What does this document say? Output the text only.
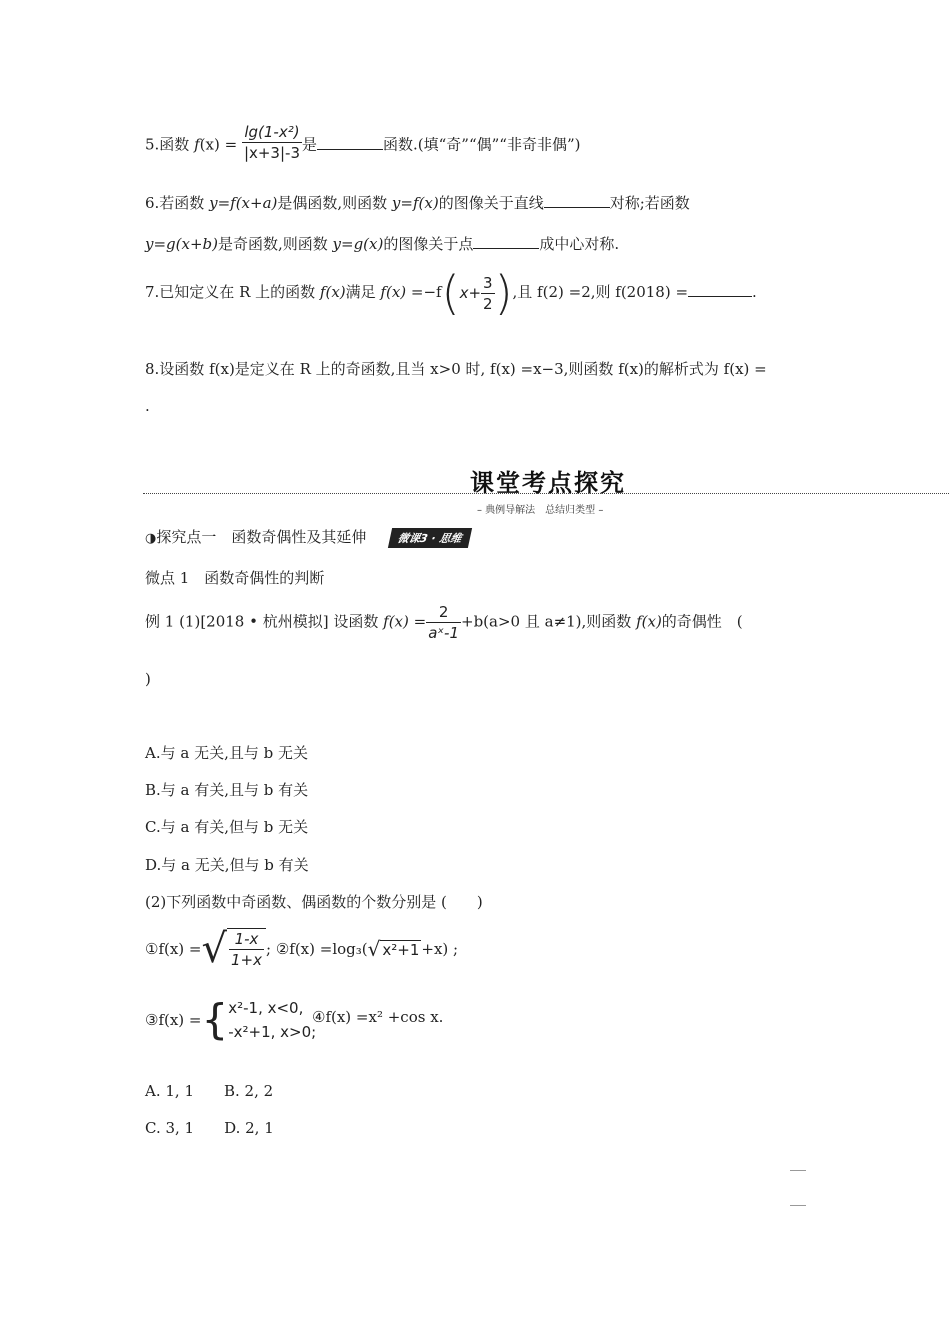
5.函数 $f(x) = \frac{\text{lg(1-x²)}}{|x+3|-3}$ 是	函数.(填“奇”“偶”“非奇非偶”)
6.若函数 y=f(x+a)是偶函数,则函数 y=f(x)的图像关于直线	对称;若函数
y=g(x+b)是奇函数,则函数 y=g(x)的图像关于点	成中心对称.
7.已知定义在 R 上的函数 f(x)满足 $f(x) =-f(x+ \frac{3}{2}$ ),且 f(2) =2,则 f(2018) =	.
8.设函数 f(x)是定义在 R 上的奇函数,且当 x>0 时, f(x) =x−3,则函数 f(x)的解析式为 f(x) =
.
课堂考点探究
– 典例导解法　总结归类型 –
◑探究点一　函数奇偶性及其延伸	微课3 · 思维
微点 1　函数奇偶性的判断
例 1 (1)[2018 • 杭州模拟] 设函数 $f(x) = \frac{2}{\text{aˣ-1}} +b(a>0$ 且 a≠1),则函数 f(x)的奇偶性　(
)
A.与 a 无关,且与 b 无关
B.与 a 有关,且与 b 有关
C.与 a 有关,但与 b 无关
D.与 a 无关,但与 b 有关
(2)下列函数中奇函数、偶函数的个数分别是 (　　)
①f(x) =√ $\frac{1-x}{1+x}$ ; ②f(x) =log₃(√ x²+1 +x) ;
③f(x) ={x²-1, x<0,
-x²+1, x>0;
④f(x) =x² +cos x.
A. 1, 1　　B. 2, 2
C. 3, 1　　D. 2, 1
